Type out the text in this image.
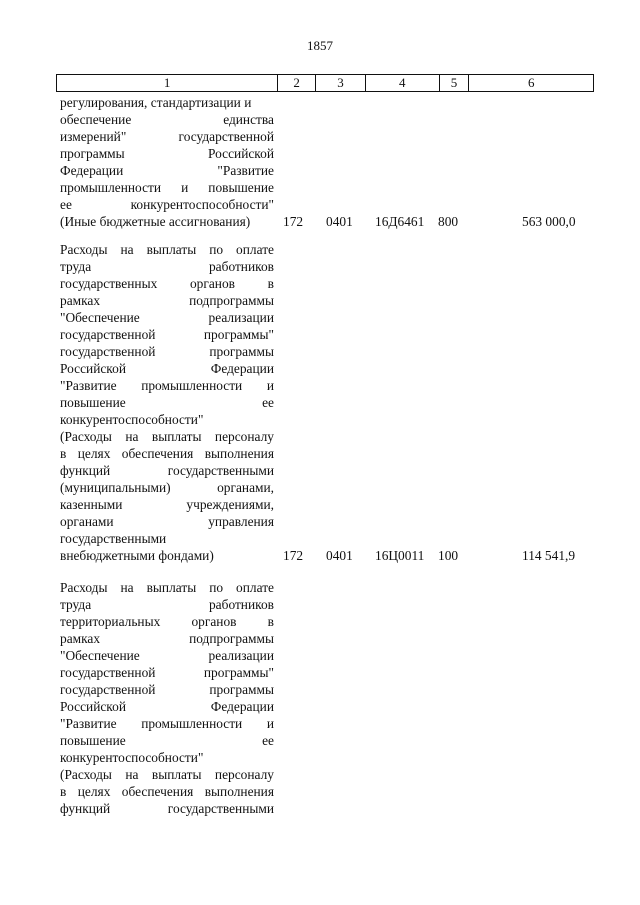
1857
1	2	3	4	5	6
регулирования, стандартизации и
обеспечение единства
измерений" государственной
программы Российской
Федерации "Развитие
промышленности и повышение
ее конкурентоспособности"
(Иные бюджетные ассигнования)	172 0401 16Д6461 800	563 000,0
Расходы на выплаты по оплате
труда работников
государственных органов в
рамках подпрограммы
"Обеспечение реализации
государственной программы"
государственной программы
Российской Федерации
"Развитие промышленности и
повышение ее
конкурентоспособности"
(Расходы на выплаты персоналу
в целях обеспечения выполнения
функций государственными
(муниципальными) органами,
казенными учреждениями,
органами управления
государственными
внебюджетными фондами)	172 0401 16Ц0011 100	114 541,9
Расходы на выплаты по оплате
труда работников
территориальных органов в
рамках подпрограммы
"Обеспечение реализации
государственной программы"
государственной программы
Российской Федерации
"Развитие промышленности и
повышение ее
конкурентоспособности"
(Расходы на выплаты персоналу
в целях обеспечения выполнения
функций государственными
